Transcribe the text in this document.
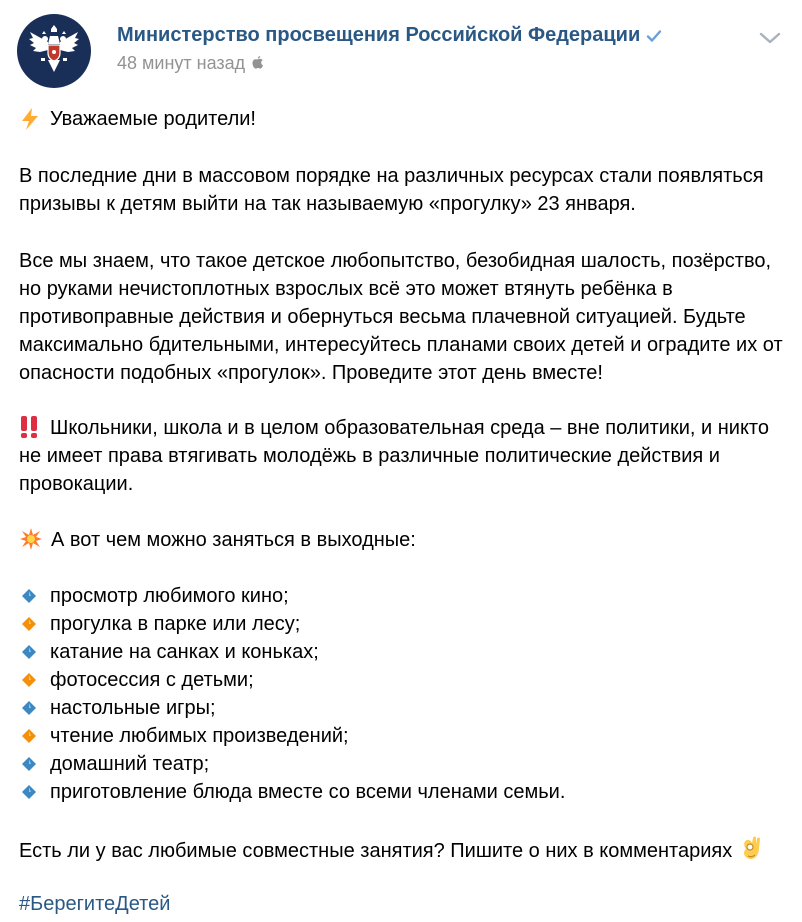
Министерство просвещения Российской Федерации
48 минут назад
Уважаемые родители!
В последние дни в массовом порядке на различных ресурсах стали появляться
призывы к детям выйти на так называемую «прогулку» 23 января.
Все мы знаем, что такое детское любопытство, безобидная шалость, позёрство,
но руками нечистоплотных взрослых всё это может втянуть ребёнка в
противоправные действия и обернуться весьма плачевной ситуацией. Будьте
максимально бдительными, интересуйтесь планами своих детей и оградите их от
опасности подобных «прогулок». Проведите этот день вместе!
Школьники, школа и в целом образовательная среда – вне политики, и никто
не имеет права втягивать молодёжь в различные политические действия и
провокации.
А вот чем можно заняться в выходные:
просмотр любимого кино;
прогулка в парке или лесу;
катание на санках и коньках;
фотосессия с детьми;
настольные игры;
чтение любимых произведений;
домашний театр;
приготовление блюда вместе со всеми членами семьи.
Есть ли у вас любимые совместные занятия? Пишите о них в комментариях
#БерегитеДетей
